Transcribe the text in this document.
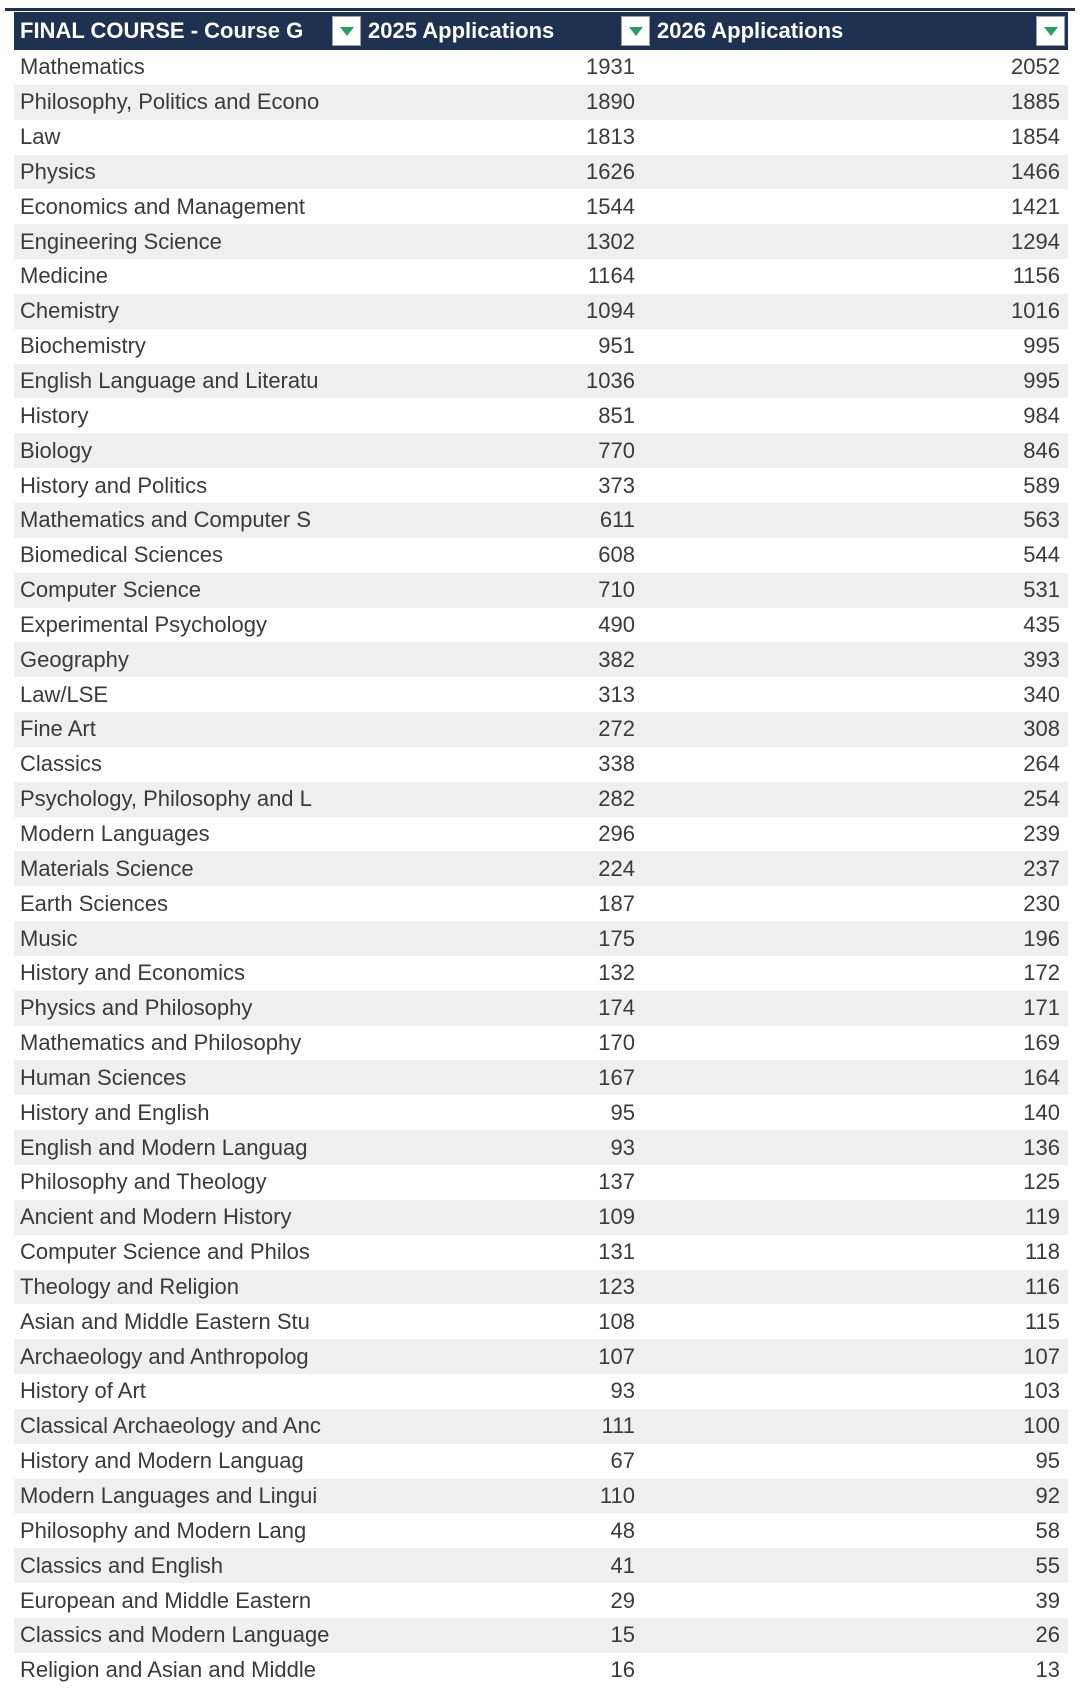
FINAL COURSE - Course G	2025 Applications	2026 Applications
Mathematics	1931	2052
Philosophy, Politics and Econo	1890	1885
Law	1813	1854
Physics	1626	1466
Economics and Management	1544	1421
Engineering Science	1302	1294
Medicine	1164	1156
Chemistry	1094	1016
Biochemistry	951	995
English Language and Literatu	1036	995
History	851	984
Biology	770	846
History and Politics	373	589
Mathematics and Computer S	611	563
Biomedical Sciences	608	544
Computer Science	710	531
Experimental Psychology	490	435
Geography	382	393
Law/LSE	313	340
Fine Art	272	308
Classics	338	264
Psychology, Philosophy and L	282	254
Modern Languages	296	239
Materials Science	224	237
Earth Sciences	187	230
Music	175	196
History and Economics	132	172
Physics and Philosophy	174	171
Mathematics and Philosophy	170	169
Human Sciences	167	164
History and English	95	140
English and Modern Languag	93	136
Philosophy and Theology	137	125
Ancient and Modern History	109	119
Computer Science and Philos	131	118
Theology and Religion	123	116
Asian and Middle Eastern Stu	108	115
Archaeology and Anthropolog	107	107
History of Art	93	103
Classical Archaeology and Anc	111	100
History and Modern Languag	67	95
Modern Languages and Lingui	110	92
Philosophy and Modern Lang	48	58
Classics and English	41	55
European and Middle Eastern	29	39
Classics and Modern Language	15	26
Religion and Asian and Middle	16	13
